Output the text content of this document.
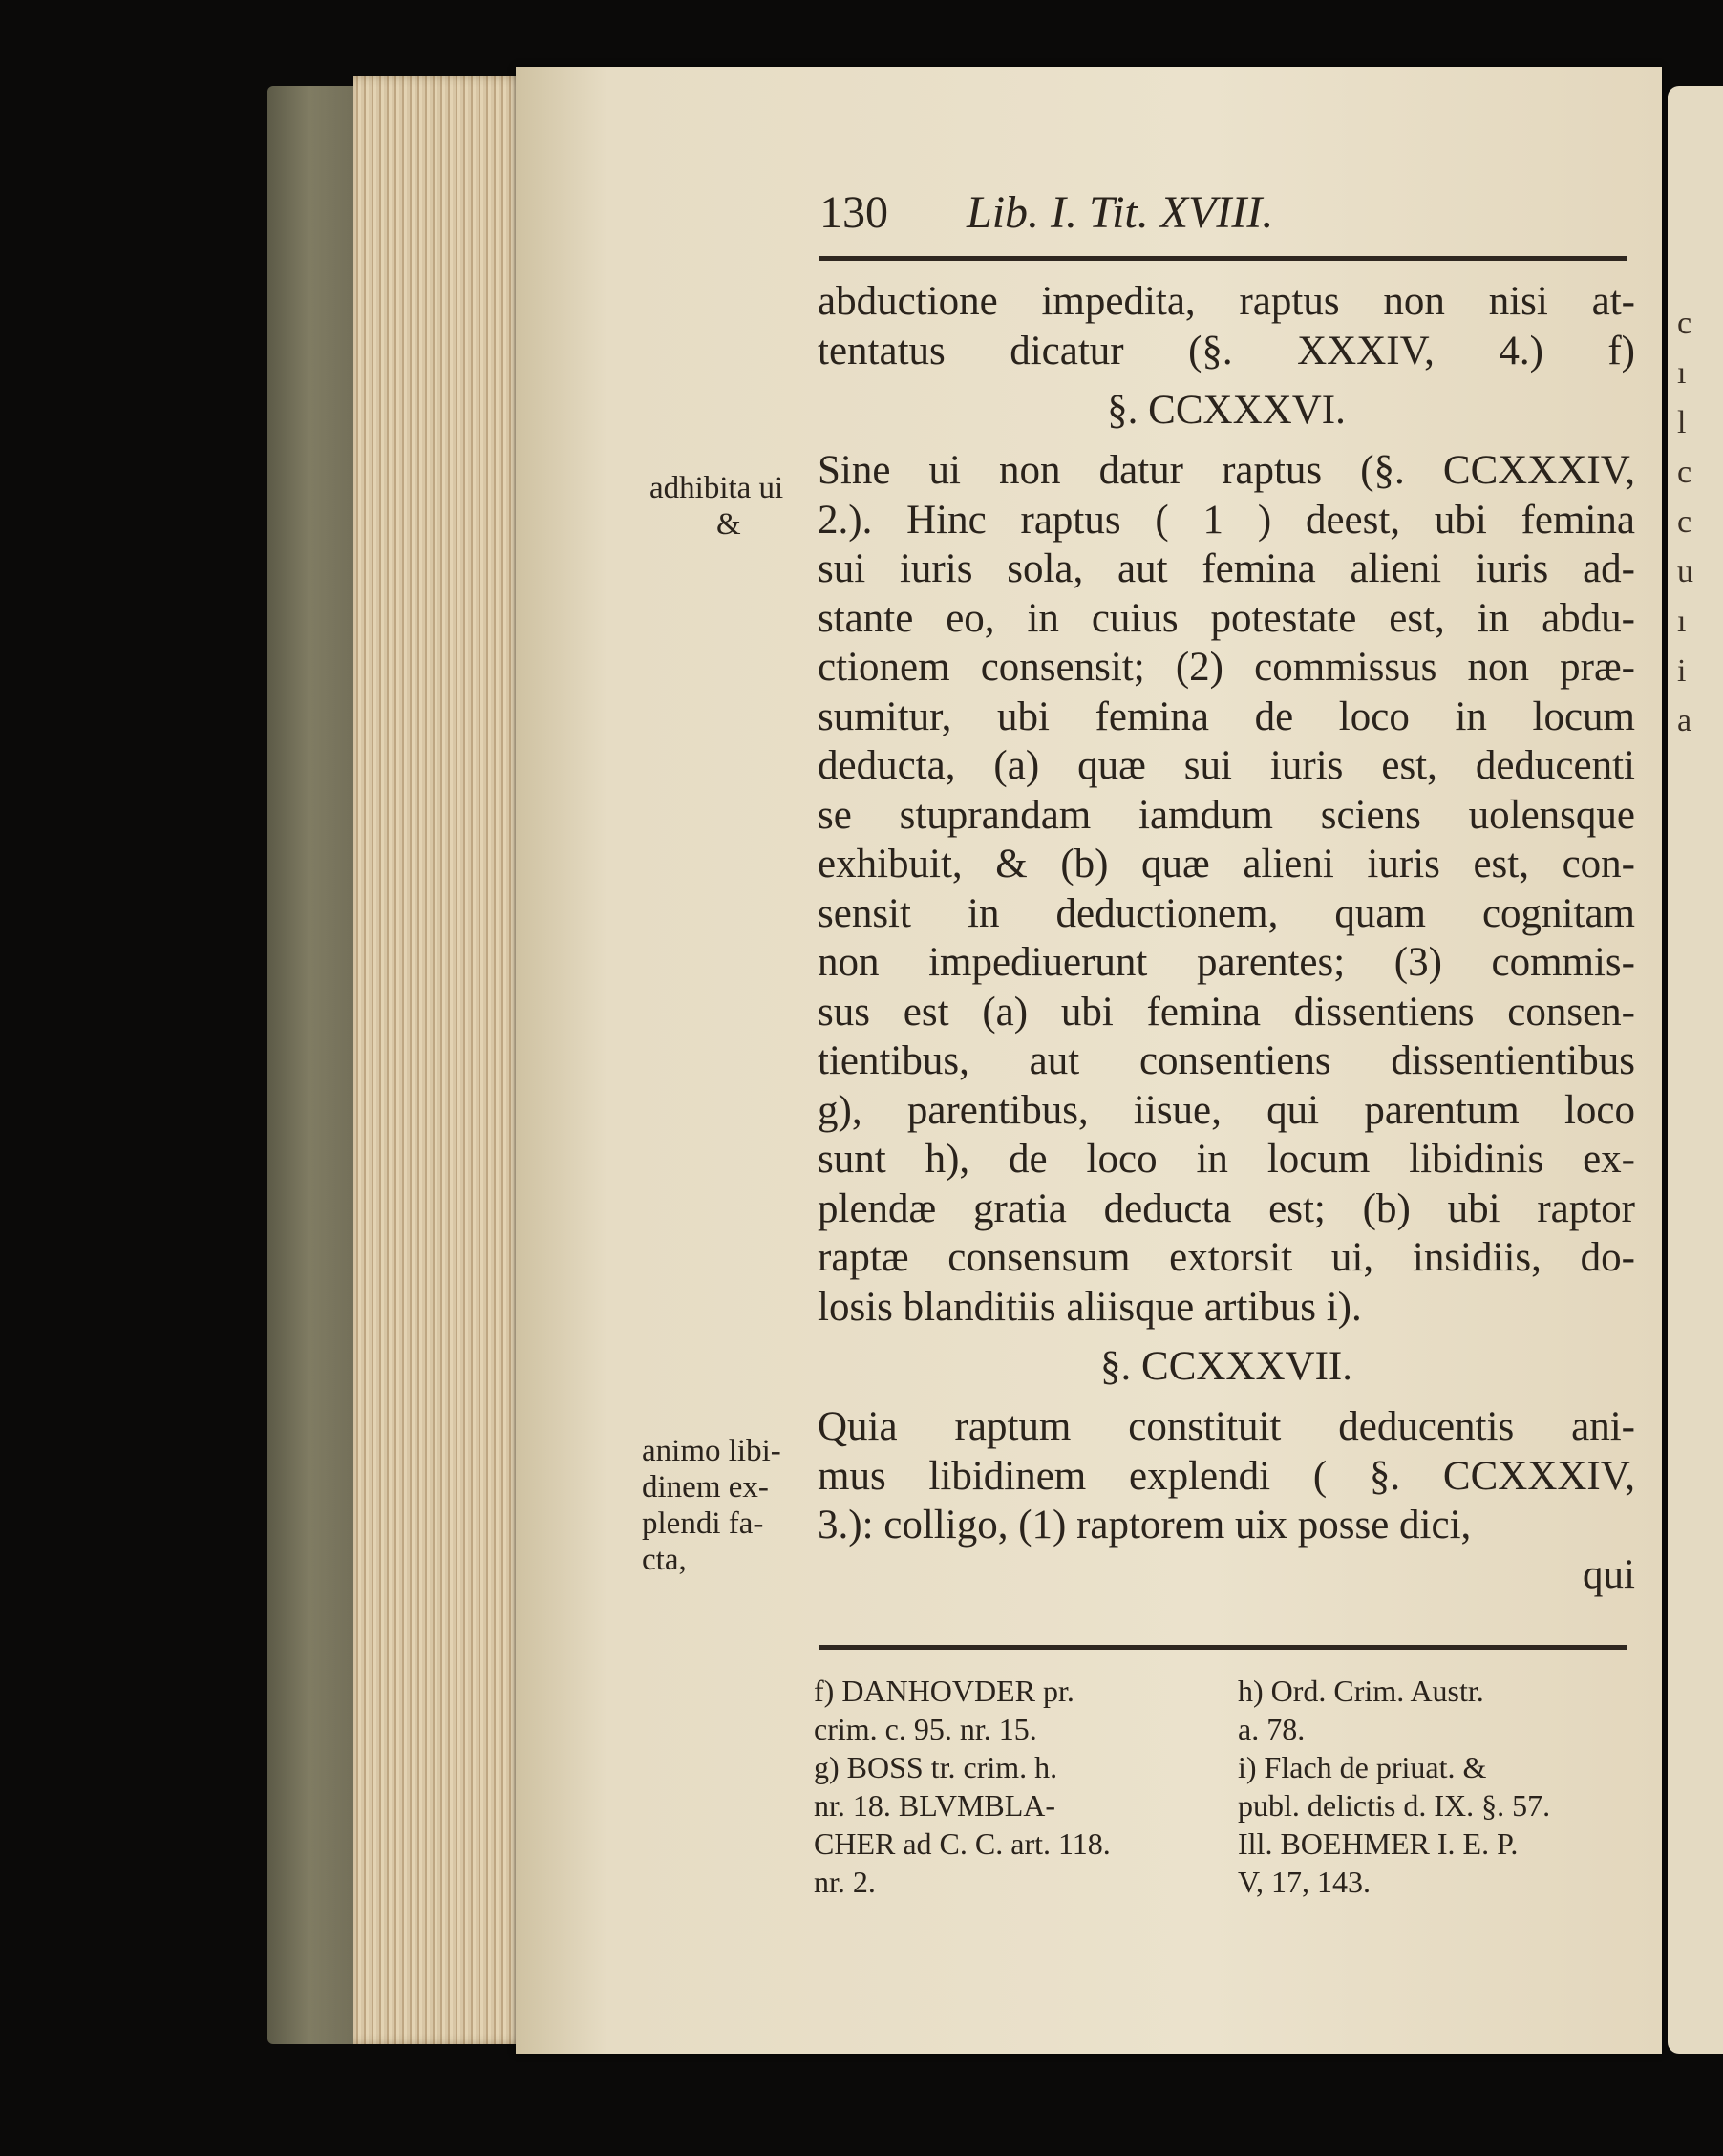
c
ı
l
c
c
u
ı
i
a
130 Lib. I. Tit. XVIII.
abductione impedita, raptus non nisi at-
tentatus dicatur (§. XXXIV, 4.) f)
§. CCXXXVI.
Sine ui non datur raptus (§. CCXXXIV,
2.). Hinc raptus ( 1 ) deest, ubi femina
sui iuris sola, aut femina alieni iuris ad-
stante eo, in cuius potestate est, in abdu-
ctionem consensit; (2) commissus non præ-
sumitur, ubi femina de loco in locum
deducta, (a) quæ sui iuris est, deducenti
se stuprandam iamdum sciens uolensque
exhibuit, & (b) quæ alieni iuris est, con-
sensit in deductionem, quam cognitam
non impediuerunt parentes; (3) commis-
sus est (a) ubi femina dissentiens consen-
tientibus, aut consentiens dissentientibus
g), parentibus, iisue, qui parentum loco
sunt h), de loco in locum libidinis ex-
plendæ gratia deducta est; (b) ubi raptor
raptæ consensum extorsit ui, insidiis, do-
losis blanditiis aliisque artibus i).
§. CCXXXVII.
Quia raptum constituit deducentis ani-
mus libidinem explendi ( §. CCXXXIV,
3.): colligo, (1) raptorem uix posse dici,
qui
adhibita ui
&
animo libi-
dinem ex-
plendi fa-
cta,
f) DANHOVDER pr.
crim. c. 95. nr. 15.
g) BOSS tr. crim. h.
nr. 18. BLVMBLA-
CHER ad C. C. art. 118.
nr. 2.
h) Ord. Crim. Austr.
a. 78.
i) Flach de priuat. &
publ. delictis d. IX. §. 57.
Ill. BOEHMER I. E. P.
V, 17, 143.
